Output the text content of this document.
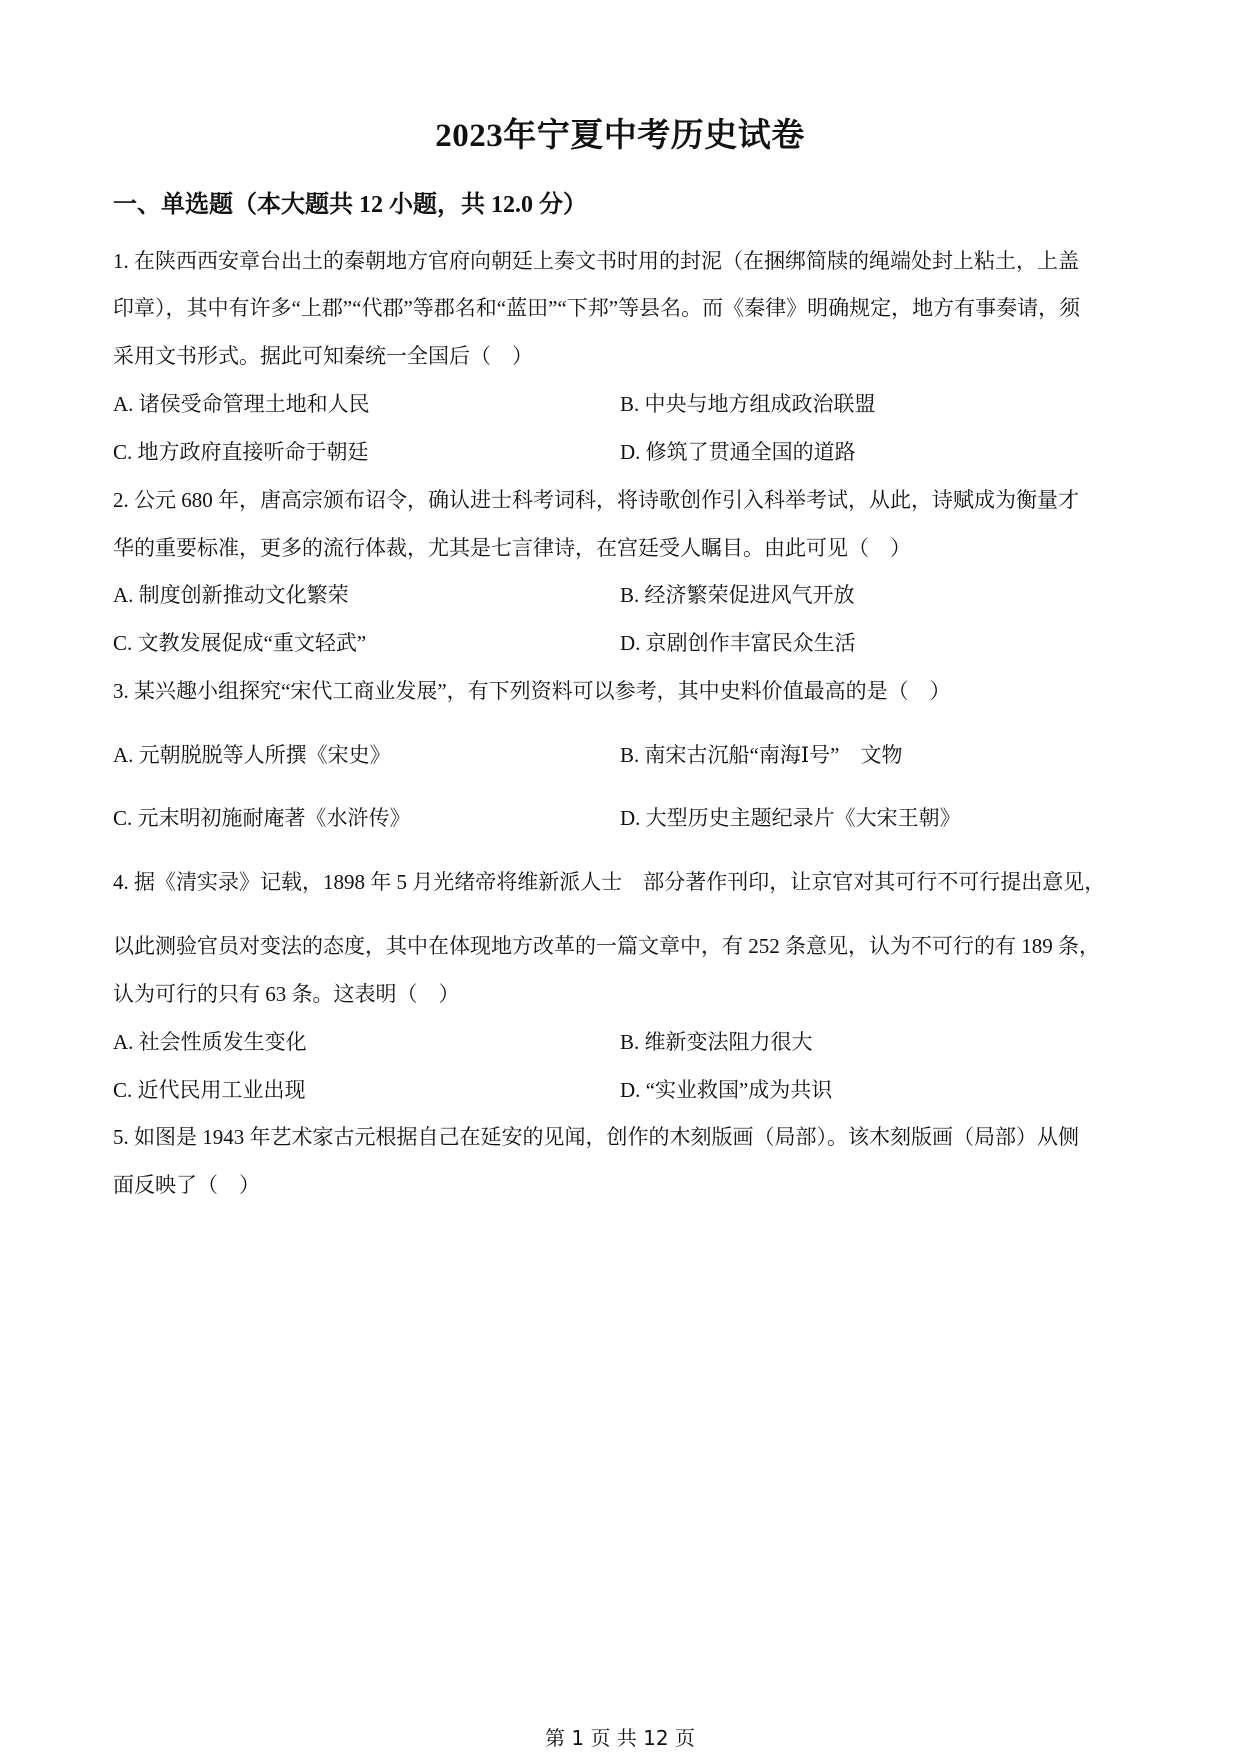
2023年宁夏中考历史试卷
一、单选题（本大题共 12 小题，共 12.0 分）
1. 在陕西西安章台出土的秦朝地方官府向朝廷上奏文书时用的封泥（在捆绑简牍的绳端处封上粘土，上盖
印章），其中有许多“上郡”“代郡”等郡名和“蓝田”“下邦”等县名。而《秦律》明确规定，地方有事奏请，须
采用文书形式。据此可知秦统一全国后（　）
A. 诸侯受命管理土地和人民	B. 中央与地方组成政治联盟
C. 地方政府直接听命于朝廷	D. 修筑了贯通全国的道路
2. 公元 680 年，唐高宗颁布诏令，确认进士科考词科，将诗歌创作引入科举考试，从此，诗赋成为衡量才
华的重要标准，更多的流行体裁，尤其是七言律诗，在宫廷受人瞩目。由此可见（　）
A. 制度创新推动文化繁荣	B. 经济繁荣促进风气开放
C. 文教发展促成“重文轻武”	D. 京剧创作丰富民众生活
3. 某兴趣小组探究“宋代工商业发展”，有下列资料可以参考，其中史料价值最高的是（　）
A. 元朝脱脱等人所撰《宋史》	B. 南宋古沉船“南海Ⅰ号”　文物
C. 元末明初施耐庵著《水浒传》	D. 大型历史主题纪录片《大宋王朝》
4. 据《清实录》记载，1898 年 5 月光绪帝将维新派人士　部分著作刊印，让京官对其可行不可行提出意见，
以此测验官员对变法的态度，其中在体现地方改革的一篇文章中，有 252 条意见，认为不可行的有 189 条，
认为可行的只有 63 条。这表明（　）
A. 社会性质发生变化	B. 维新变法阻力很大
C. 近代民用工业出现	D. “实业救国”成为共识
5. 如图是 1943 年艺术家古元根据自己在延安的见闻，创作的木刻版画（局部）。该木刻版画（局部）从侧
面反映了（　）
第 1 页 共 12 页
